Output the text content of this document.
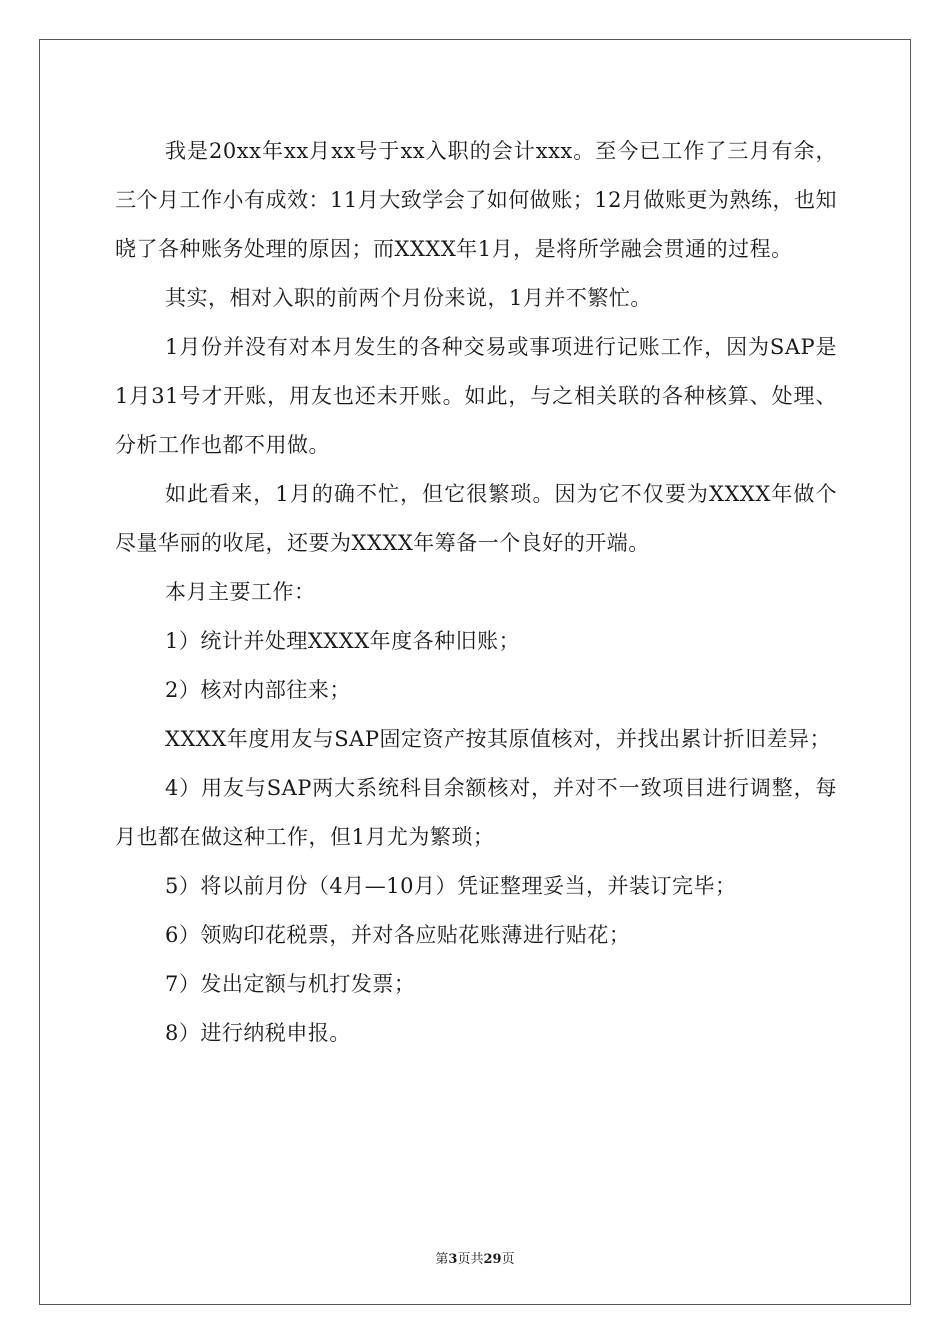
我是20xx年xx月xx号于xx入职的会计xxx。至今已工作了三月有余，三个月工作小有成效：11月大致学会了如何做账；12月做账更为熟练，也知晓了各种账务处理的原因；而XXXX年1月，是将所学融会贯通的过程。

其实，相对入职的前两个月份来说，1月并不繁忙。

1月份并没有对本月发生的各种交易或事项进行记账工作，因为SAP是1月31号才开账，用友也还未开账。如此，与之相关联的各种核算、处理、分析工作也都不用做。

如此看来，1月的确不忙，但它很繁琐。因为它不仅要为XXXX年做个尽量华丽的收尾，还要为XXXX年筹备一个良好的开端。

本月主要工作：

1）统计并处理XXXX年度各种旧账；

2）核对内部往来；

XXXX年度用友与SAP固定资产按其原值核对，并找出累计折旧差异；

4）用友与SAP两大系统科目余额核对，并对不一致项目进行调整，每月也都在做这种工作，但1月尤为繁琐；

5）将以前月份（4月—10月）凭证整理妥当，并装订完毕；

6）领购印花税票，并对各应贴花账薄进行贴花；

7）发出定额与机打发票；

8）进行纳税申报。

第3页共29页
